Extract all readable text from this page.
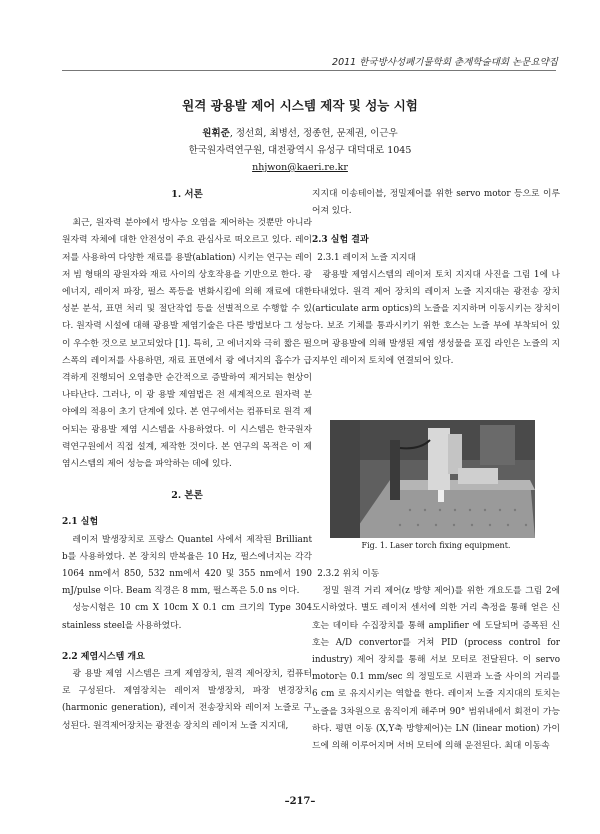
2011 한국방사성폐기물학회 춘계학술대회 논문요약집
원격 광용발 제어 시스템 제작 및 성능 시험
원휘준, 정선희, 최병선, 정종헌, 문제권, 이근우
한국원자력연구원, 대전광역시 유성구 대덕대로 1045
nhjwon@kaeri.re.kr
1. 서론

최근, 원자력 분야에서 방사능 오염을 제어하는 것뿐만 아니라 원자력 자체에 대한 안전성이 주요 관심사로 떠오르고 있다. 레이저를 사용하여 다양한 재료를 용발(ablation) 시키는 연구는 레이저 빔 형태의 광원자와 재료 사이의 상호작용을 기반으로 한다. 광 에너지, 레이저 파장, 펄스 폭등을 변화시킴에 의해 재료에 대한 성분 분석, 표면 처리 및 절단작업 등을 선별적으로 수행할 수 있다. 원자력 시설에 대해 광용발 제염기술은 다른 방법보다 그 성능이 우수한 것으로 보고되었다 [1]. 특히, 고 에너지와 극히 짧은 펄스폭의 레이저를 사용하면, 재료 표면에서 광 에너지의 흡수가 급격하게 진행되어 오염층만 순간적으로 증발하여 제거되는 현상이 나타난다. 그러나, 이 광 용발 제염법은 전 세계적으로 원자력 분야에의 적용이 초기 단계에 있다. 본 연구에서는 컴퓨터로 원격 제어되는 광용발 제염 시스템을 사용하였다. 이 시스템은 한국원자력연구원에서 직접 설계, 제작한 것이다. 본 연구의 목적은 이 제염시스템의 제어 성능을 파악하는 데에 있다.

2. 본론
2.1 실험

레이저 발생장치로 프랑스 Quantel 사에서 제작된 Brilliant b를 사용하였다. 본 장치의 반복율은 10 Hz, 펄스에너지는 각각 1064 nm에서 850, 532 nm에서 420 및 355 nm에서 190 mJ/pulse 이다. Beam 직경은 8 mm, 펄스폭은 5.0 ns 이다.

성능시험은 10 cm X 10cm X 0.1 cm 크기의 Type 304 stainless steel을 사용하였다.

2.2 제염시스템 개요

광 용발 제염 시스템은 크게 제염장치, 원격 제어장치, 컴퓨터로 구성된다. 제염장치는 레이저 발생장치, 파장 변경장치(harmonic generation), 레이저 전송장치와 레이저 노즐로 구성된다. 원격제어장치는 광전송 장치의 레이저 노즐 지지대,

지지대 이송테이블, 정밀제어를 위한 servo motor 등으로 이루어져 있다.

2.3 실험 결과
2.3.1 레이저 노즐 지지대

광용발 제염시스템의 레이저 토치 지지대 사진을 그림 1에 나타내었다. 원격 제어 장치의 레이저 노즐 지지대는 광전송 장치 (articulate arm optics)의 노즐을 지지하며 이동시키는 장치이다. 보조 기체를 통과시키기 위한 호스는 노즐 부에 부착되어 있으며 광용발에 의해 발생된 제염 생성물을 포집 라인은 노즐의 지지부인 레이저 토치에 연결되어 있다.

Fig. 1. Laser torch fixing equipment.
2.3.2 위치 이동

정밀 원격 거리 제어(z 방향 제어)를 위한 개요도를 그림 2에 도시하였다. 별도 레이저 센서에 의한 거리 측정을 통해 얻은 신호는 데이타 수집장치를 통해 amplifier 에 도달되며 증폭된 신호는 A/D convertor를 거쳐 PID (process control for industry) 제어 장치를 통해 서보 모터로 전달된다. 이 servo motor는 0.1 mm/sec 의 정밀도로 시편과 노즐 사이의 거리를 6 cm 로 유지시키는 역할을 한다. 레이저 노즐 지지대의 토치는 노즐을 3차원으로 움직이게 해주며 90° 범위내에서 회전이 가능하다. 평면 이동 (X,Y축 방향제어)는 LN (linear motion) 가이드에 의해 이루어지며 서버 모터에 의해 운전된다. 최대 이동속

–217–
